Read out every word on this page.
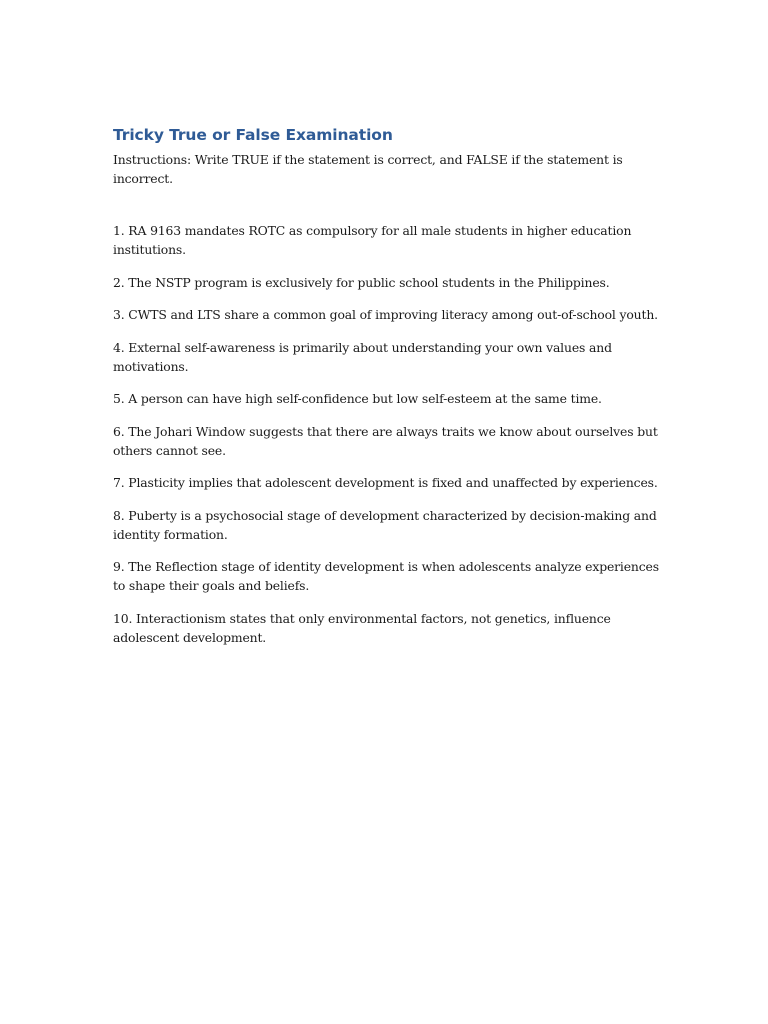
Tricky True or False Examination

Instructions: Write TRUE if the statement is correct, and FALSE if the statement is incorrect.

1. RA 9163 mandates ROTC as compulsory for all male students in higher education institutions.

2. The NSTP program is exclusively for public school students in the Philippines.

3. CWTS and LTS share a common goal of improving literacy among out-of-school youth.

4. External self-awareness is primarily about understanding your own values and motivations.

5. A person can have high self-confidence but low self-esteem at the same time.

6. The Johari Window suggests that there are always traits we know about ourselves but others cannot see.

7. Plasticity implies that adolescent development is fixed and unaffected by experiences.

8. Puberty is a psychosocial stage of development characterized by decision-making and identity formation.

9. The Reflection stage of identity development is when adolescents analyze experiences to shape their goals and beliefs.

10. Interactionism states that only environmental factors, not genetics, influence adolescent development.
